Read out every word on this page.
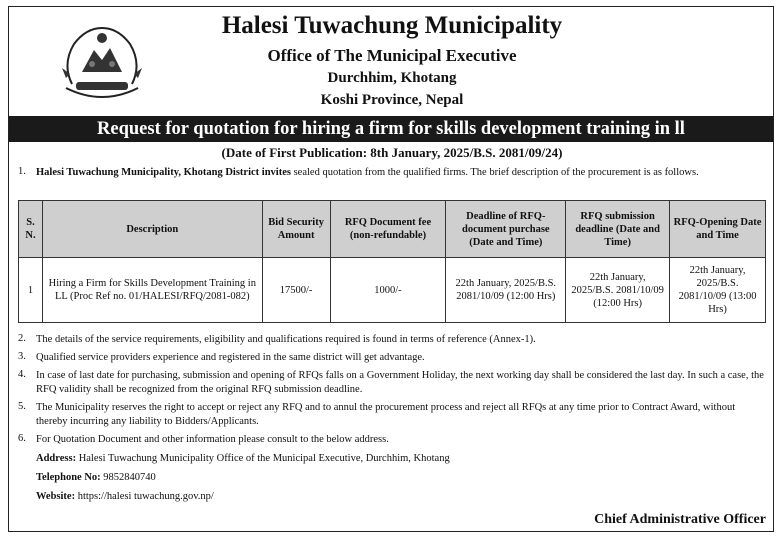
Halesi Tuwachung Municipality
Office of The Municipal Executive
Durchhim, Khotang
Koshi Province, Nepal
Request for quotation for hiring a firm for skills development training in ll
(Date of First Publication: 8th January, 2025/B.S. 2081/09/24)
1. Halesi Tuwachung Municipality, Khotang District invites sealed quotation from the qualified firms. The brief description of the procurement is as follows.
S. N.	Description	Bid Security Amount	RFQ Document fee (non-refundable)	Deadline of RFQ-document purchase (Date and Time)	RFQ submission deadline (Date and Time)	RFQ-Opening Date and Time
1	Hiring a Firm for Skills Development Training in LL (Proc Ref no. 01/HALESI/RFQ/2081-082)	17500/-	1000/-	22th January, 2025/B.S. 2081/10/09 (12:00 Hrs)	22th January, 2025/B.S. 2081/10/09 (12:00 Hrs)	22th January, 2025/B.S. 2081/10/09 (13:00 Hrs)
2. The details of the service requirements, eligibility and qualifications required is found in terms of reference (Annex-1).
3. Qualified service providers experience and registered in the same district will get advantage.
4. In case of last date for purchasing, submission and opening of RFQs falls on a Government Holiday, the next working day shall be considered the last day. In such a case, the RFQ validity shall be recognized from the original RFQ submission deadline.
5. The Municipality reserves the right to accept or reject any RFQ and to annul the procurement process and reject all RFQs at any time prior to Contract Award, without thereby incurring any liability to Bidders/Applicants.
6. For Quotation Document and other information please consult to the below address.
Address: Halesi Tuwachung Municipality Office of the Municipal Executive, Durchhim, Khotang
Telephone No: 9852840740
Website: https://halesi tuwachung.gov.np/
Chief Administrative Officer
